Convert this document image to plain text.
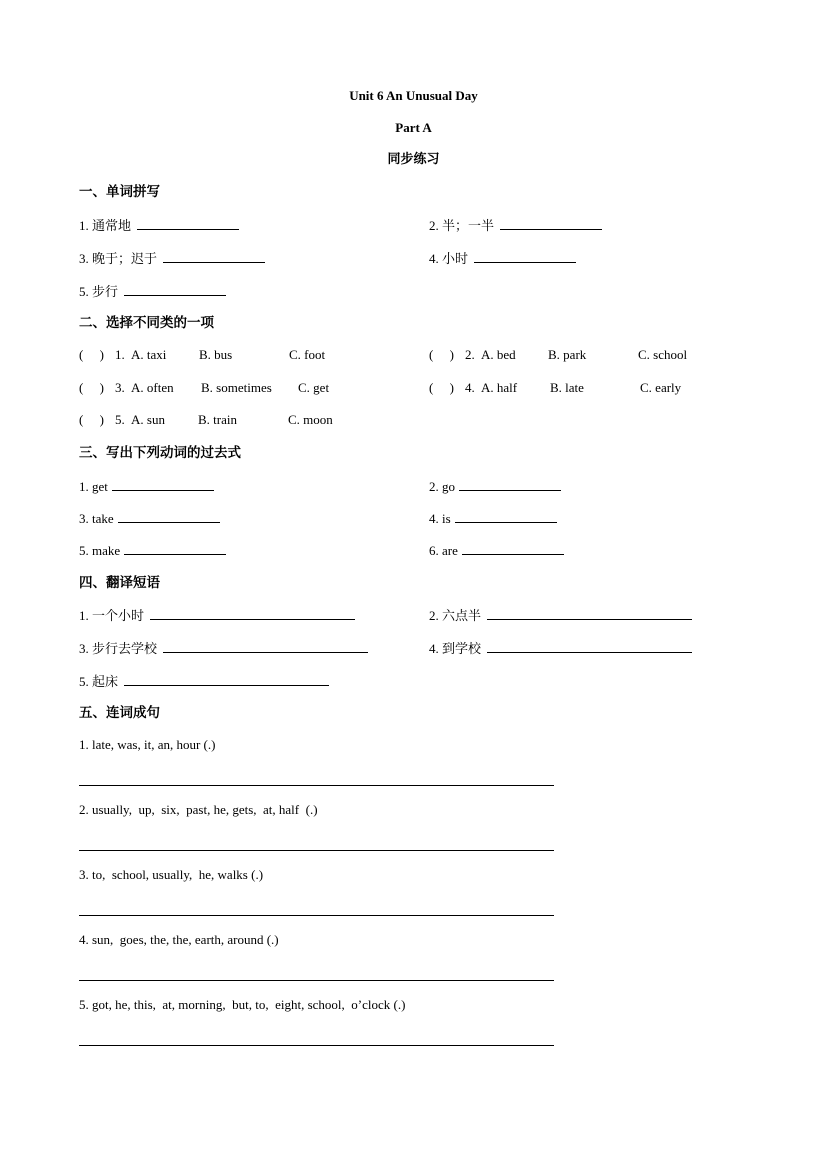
Unit 6 An Unusual Day
Part A
同步练习
一、单词拼写
1. 通常地	2. 半；一半
3. 晚于；迟于	4. 小时
5. 步行
二、选择不同类的一项
( ) 1. A. taxi	B. bus	C. foot	( ) 2. A. bed B. park	C. school
( ) 3. A. often B. sometimes C. get	( ) 4. A. half	B. late	C. early
( ) 5. A. sun	B. train	C. moon
三、写出下列动词的过去式
1. get	2. go
3. take	4. is
5. make	6. are
四、翻译短语
1. 一个小时	2. 六点半
3. 步行去学校	4. 到学校
5. 起床
五、连词成句
1. late, was, it, an, hour (.)
2. usually,  up,  six,  past, he, gets,  at, half  (.)
3. to,  school, usually,  he, walks (.)
4. sun,  goes, the, the, earth, around (.)
5. got, he, this,  at, morning,  but, to,  eight, school,  o’clock (.)
